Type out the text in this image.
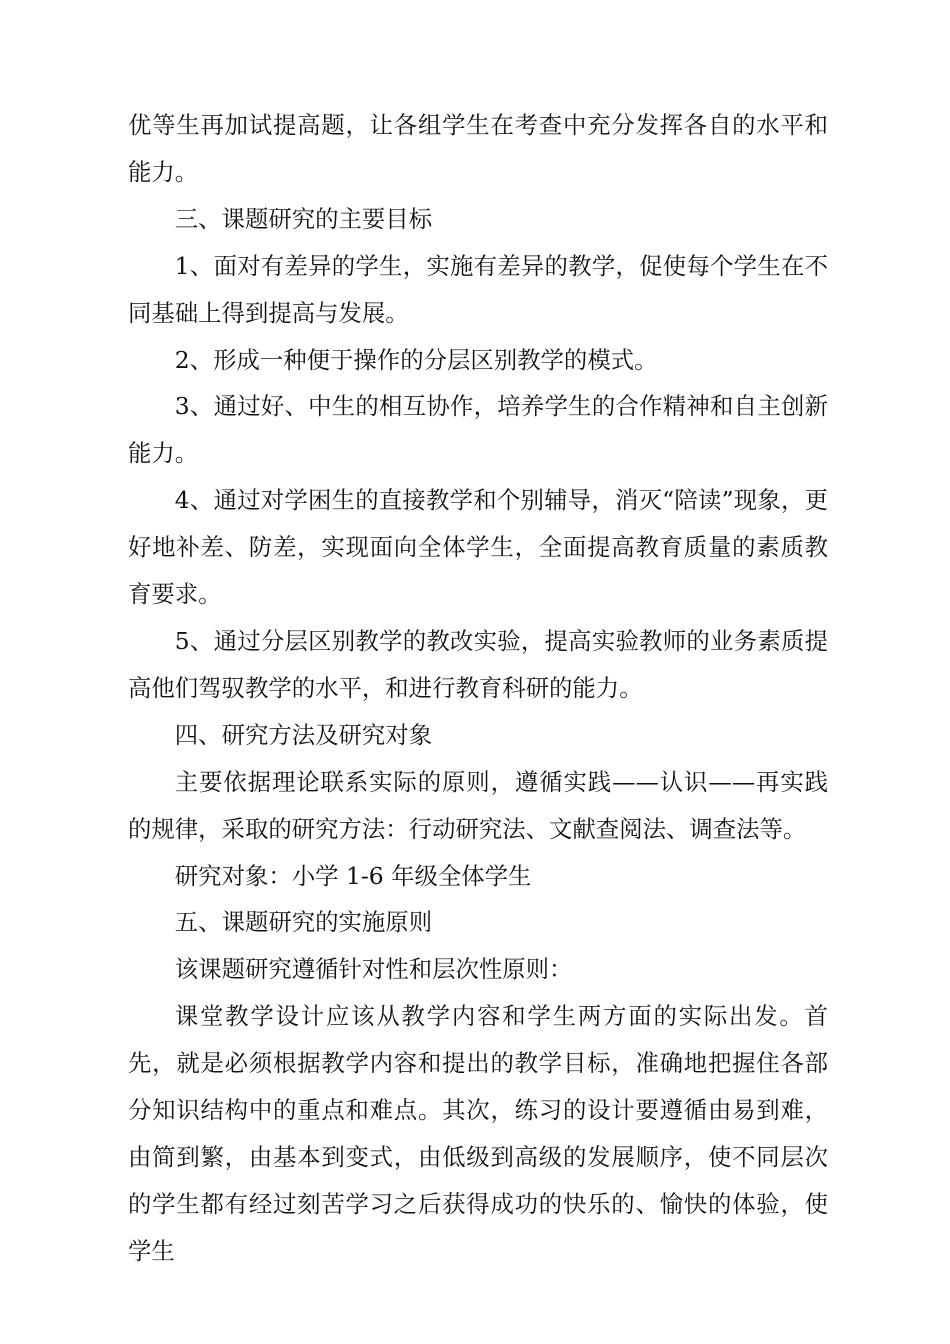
优等生再加试提高题，让各组学生在考查中充分发挥各自的水平和能力。

三、课题研究的主要目标

1、面对有差异的学生，实施有差异的教学，促使每个学生在不同基础上得到提高与发展。

2、形成一种便于操作的分层区别教学的模式。

3、通过好、中生的相互协作，培养学生的合作精神和自主创新能力。

4、通过对学困生的直接教学和个别辅导，消灭“陪读”现象，更好地补差、防差，实现面向全体学生，全面提高教育质量的素质教育要求。

5、通过分层区别教学的教改实验，提高实验教师的业务素质提高他们驾驭教学的水平，和进行教育科研的能力。

四、研究方法及研究对象

主要依据理论联系实际的原则，遵循实践——认识——再实践的规律，采取的研究方法：行动研究法、文献查阅法、调查法等。

研究对象：小学 1-6 年级全体学生

五、课题研究的实施原则

该课题研究遵循针对性和层次性原则：

课堂教学设计应该从教学内容和学生两方面的实际出发。首先，就是必须根据教学内容和提出的教学目标，准确地把握住各部分知识结构中的重点和难点。其次，练习的设计要遵循由易到难，由简到繁，由基本到变式，由低级到高级的发展顺序，使不同层次的学生都有经过刻苦学习之后获得成功的快乐的、愉快的体验，使学生
